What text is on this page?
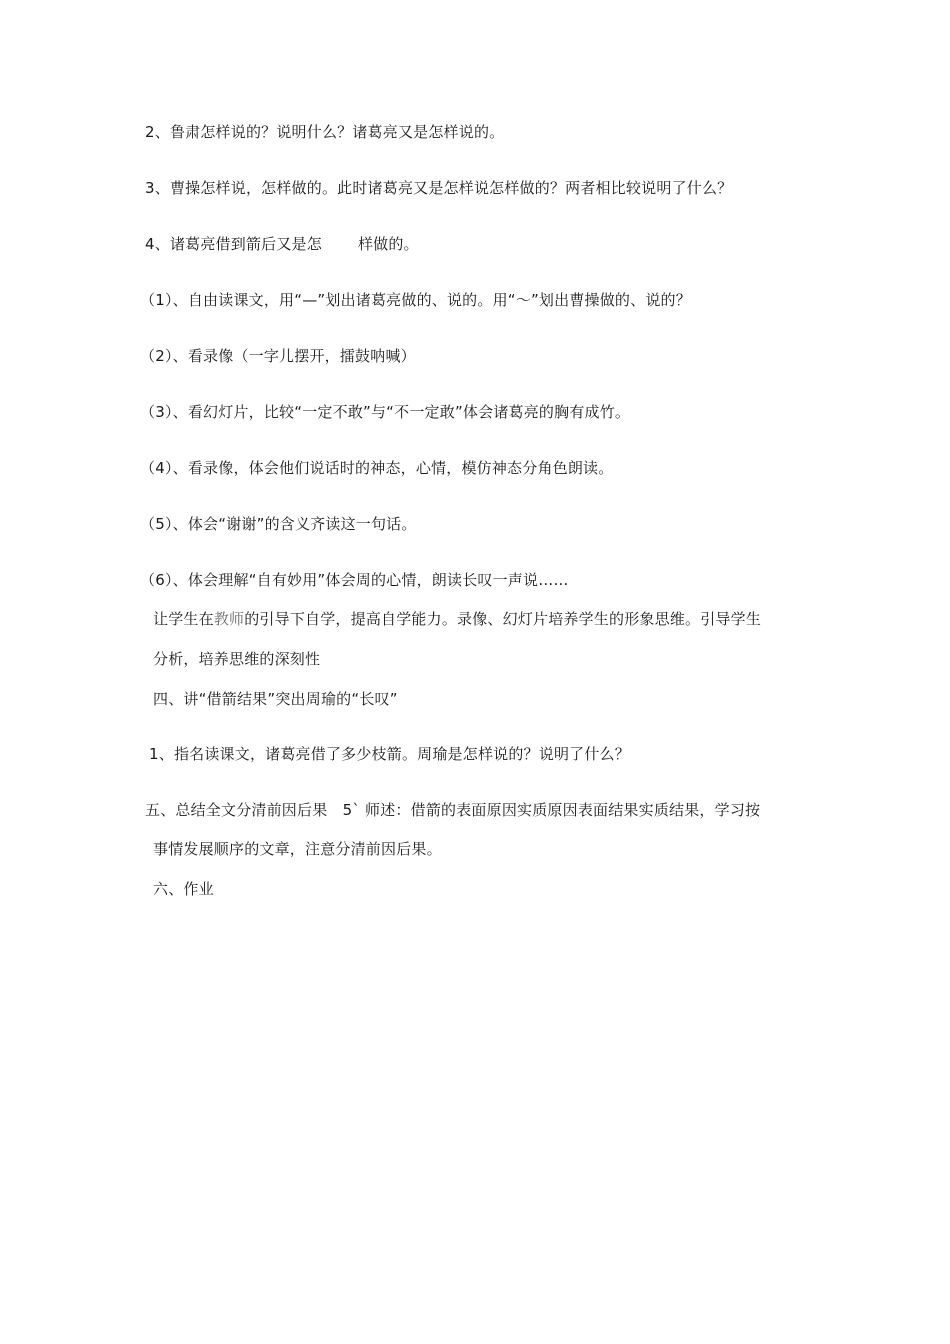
2、鲁肃怎样说的？说明什么？诸葛亮又是怎样说的。
3、曹操怎样说，怎样做的。此时诸葛亮又是怎样说怎样做的？两者相比较说明了什么？
4、诸葛亮借到箭后又是怎 样做的。
（1）、自由读课文，用“—”划出诸葛亮做的、说的。用“～”划出曹操做的、说的？
（2）、看录像（一字儿摆开，擂鼓呐喊）
（3）、看幻灯片，比较“一定不敢”与“不一定敢”体会诸葛亮的胸有成竹。
（4）、看录像，体会他们说话时的神态，心情，模仿神态分角色朗读。
（5）、体会“谢谢”的含义齐读这一句话。
（6）、体会理解“自有妙用”体会周的心情，朗读长叹一声说……
让学生在教师的引导下自学，提高自学能力。录像、幻灯片培养学生的形象思维。引导学生
分析，培养思维的深刻性
四、讲“借箭结果”突出周瑜的“长叹”
1、指名读课文，诸葛亮借了多少枝箭。周瑜是怎样说的？说明了什么？
五、总结全文分清前因后果　5` 师述：借箭的表面原因实质原因表面结果实质结果，学习按
事情发展顺序的文章，注意分清前因后果。
六、作业
